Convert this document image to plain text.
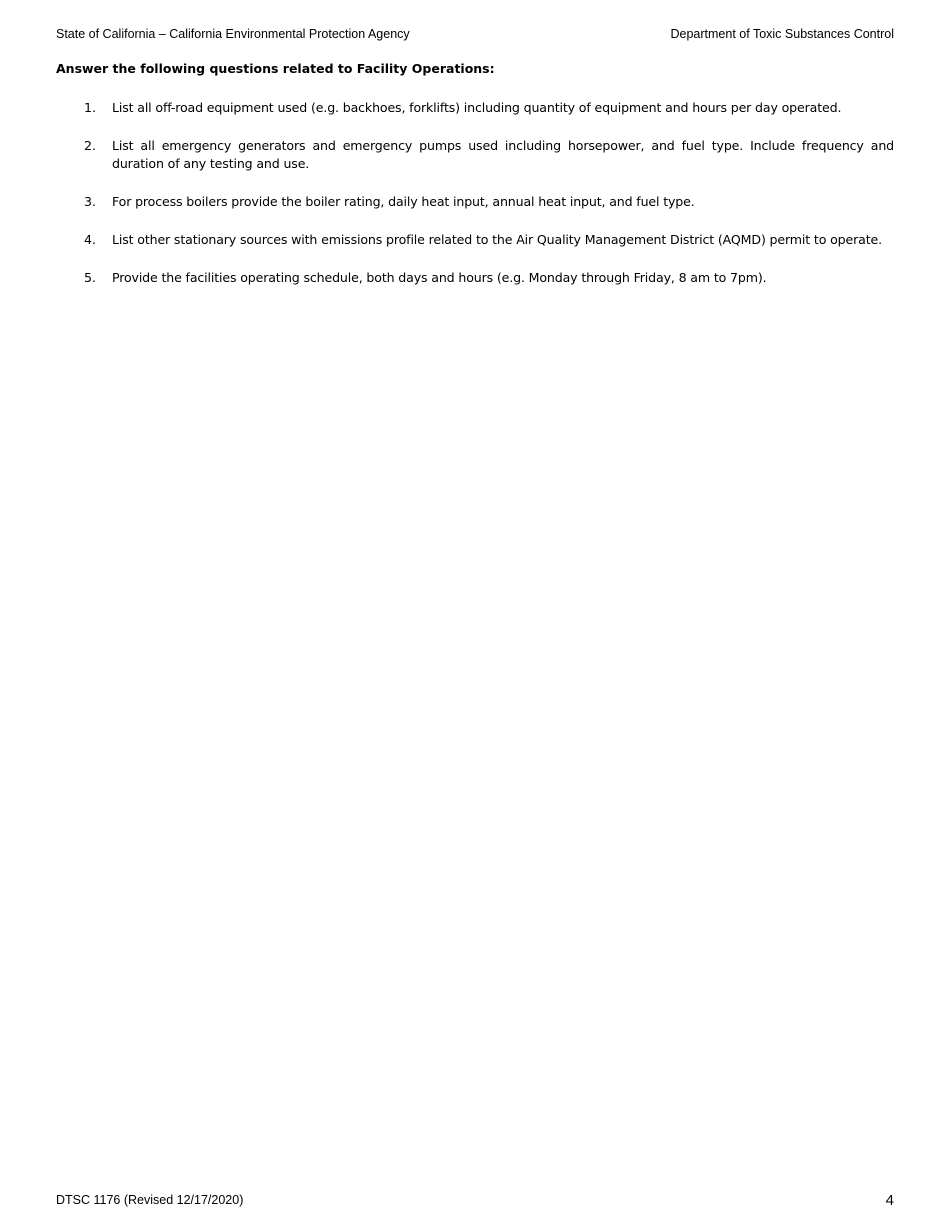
State of California – California Environmental Protection Agency	Department of Toxic Substances Control
Answer the following questions related to Facility Operations:
1.	List all off-road equipment used (e.g. backhoes, forklifts) including quantity of equipment and hours per day operated.
2.	List all emergency generators and emergency pumps used including horsepower, and fuel type. Include frequency and duration of any testing and use.
3.	For process boilers provide the boiler rating, daily heat input, annual heat input, and fuel type.
4.	List other stationary sources with emissions profile related to the Air Quality Management District (AQMD) permit to operate.
5.	Provide the facilities operating schedule, both days and hours (e.g. Monday through Friday, 8 am to 7pm).
DTSC 1176 (Revised 12/17/2020)	4
